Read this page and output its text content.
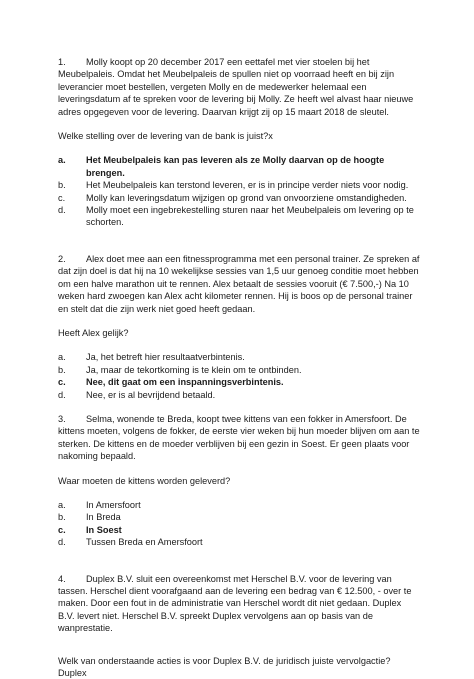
1. Molly koopt op 20 december 2017 een eettafel met vier stoelen bij het Meubelpaleis. Omdat het Meubelpaleis de spullen niet op voorraad heeft en bij zijn leverancier moet bestellen, vergeten Molly en de medewerker helemaal een leveringsdatum af te spreken voor de levering bij Molly. Ze heeft wel alvast haar nieuwe adres opgegeven voor de levering. Daarvan krijgt zij op 15 maart 2018 de sleutel.

Welke stelling over de levering van de bank is juist?x

a.	Het Meubelpaleis kan pas leveren als ze Molly daarvan op de hoogte brengen.
b.	Het Meubelpaleis kan terstond leveren, er is in principe verder niets voor nodig.
c.	Molly kan leveringsdatum wijzigen op grond van onvoorziene omstandigheden.
d.	Molly moet een ingebrekestelling sturen naar het Meubelpaleis om levering op te schorten.

2. Alex doet mee aan een fitnessprogramma met een personal trainer. Ze spreken af dat zijn doel is dat hij na 10 wekelijkse sessies van 1,5 uur genoeg conditie moet hebben om een halve marathon uit te rennen. Alex betaalt de sessies vooruit (€ 7.500,-) Na 10 weken hard zwoegen kan Alex acht kilometer rennen. Hij is boos op de personal trainer en stelt dat die zijn werk niet goed heeft gedaan.

Heeft Alex gelijk?

a.	Ja, het betreft hier resultaatverbintenis.
b.	Ja, maar de tekortkoming is te klein om te ontbinden.
c.	Nee, dit gaat om een inspanningsverbintenis.
d.	Nee, er is al bevrijdend betaald.

3. Selma, wonende te Breda, koopt twee kittens van een fokker in Amersfoort. De kittens moeten, volgens de fokker, de eerste vier weken bij hun moeder blijven om aan te sterken. De kittens en de moeder verblijven bij een gezin in Soest. Er geen plaats voor nakoming bepaald.

Waar moeten de kittens worden geleverd?

a.	In Amersfoort
b.	In Breda
c.	In Soest
d.	Tussen Breda en Amersfoort

4. Duplex B.V. sluit een overeenkomst met Herschel B.V. voor de levering van tassen. Herschel dient voorafgaand aan de levering een bedrag van € 12.500, - over te maken. Door een fout in de administratie van Herschel wordt dit niet gedaan. Duplex B.V. levert niet. Herschel B.V. spreekt Duplex vervolgens aan op basis van de wanprestatie.

Welk van onderstaande acties is voor Duplex B.V. de juridisch juiste vervolgactie? Duplex
